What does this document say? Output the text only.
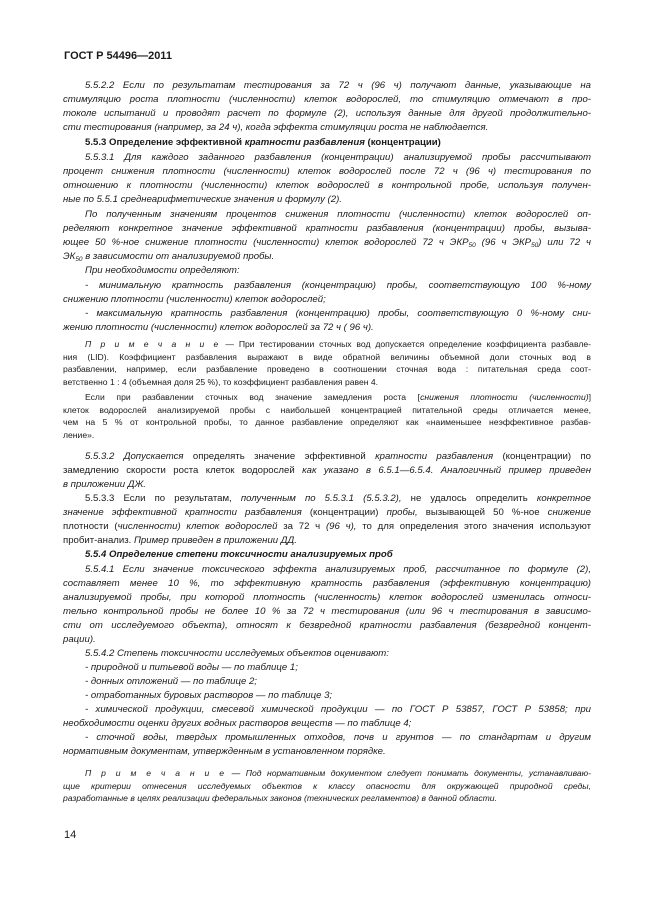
ГОСТ Р 54496—2011
5.5.2.2 Если по результатам тестирования за 72 ч (96 ч) получают данные, указывающие на
стимуляцию роста плотности (численности) клеток водорослей, то стимуляцию отмечают в про-
токоле испытаний и проводят расчет по формуле (2), используя данные для другой продолжительно-
сти тестирования (например, за 24 ч), когда эффекта стимуляции роста не наблюдается.
5.5.3 Определение эффективной кратности разбавления (концентрации)
5.5.3.1 Для каждого заданного разбавления (концентрации) анализируемой пробы рассчитывают
процент снижения плотности (численности) клеток водорослей после 72 ч (96 ч) тестирования по
отношению к плотности (численности) клеток водорослей в контрольной пробе, используя получен-
ные по 5.5.1 среднеарифметические значения и формулу (2).
По полученным значениям процентов снижения плотности (численности) клеток водорослей оп-
ределяют конкретное значение эффективной кратности разбавления (концентрации) пробы, вызыва-
ющее 50 %-ное снижение плотности (численности) клеток водорослей 72 ч $ЭКР_{50}$ (96 ч $ЭКР_{50}$) или 72 ч
$ЭК_{50}$ в зависимости от анализируемой пробы.
При необходимости определяют:
- минимальную кратность разбавления (концентрацию) пробы, соответствующую 100 %-ному
снижению плотности (численности) клеток водорослей;
- максимальную кратность разбавления (концентрацию) пробы, соответствующую 0 %-ному сни-
жению плотности (численности) клеток водорослей за 72 ч ( 96 ч).
П р и м е ч а н и е — При тестировании сточных вод допускается определение коэффициента разбавле-
ния (LID). Коэффициент разбавления выражают в виде обратной величины объемной доли сточных вод в
разбавлении, например, если разбавление проведено в соотношении сточная вода : питательная среда соот-
ветственно 1 : 4 (объемная доля 25 %), то коэффициент разбавления равен 4.
Если при разбавлении сточных вод значение замедления роста [снижения плотности (численности)]
клеток водорослей анализируемой пробы с наибольшей концентрацией питательной среды отличается менее,
чем на 5 % от контрольной пробы, то данное разбавление определяют как «наименьшее неэффективное разбав-
ление».
5.5.3.2 Допускается определять значение эффективной кратности разбавления (концентрации) по
замедлению скорости роста клеток водорослей как указано в 6.5.1—6.5.4. Аналогичный пример приведен
в приложении ДЖ.
5.5.3.3 Если по результатам, полученным по 5.5.3.1 (5.5.3.2), не удалось определить конкретное
значение эффективной кратности разбавления (концентрации) пробы, вызывающей 50 %-ное снижение
плотности (численности) клеток водорослей за 72 ч (96 ч), то для определения этого значения используют
пробит-анализ. Пример приведен в приложении ДД.
5.5.4 Определение степени токсичности анализируемых проб
5.5.4.1 Если значение токсического эффекта анализируемых проб, рассчитанное по формуле (2),
составляет менее 10 %, то эффективную кратность разбавления (эффективную концентрацию)
анализируемой пробы, при которой плотность (численность) клеток водорослей изменилась относи-
тельно контрольной пробы не более 10 % за 72 ч тестирования (или 96 ч тестирования в зависимо-
сти от исследуемого объекта), относят к безвредной кратности разбавления (безвредной концент-
рации).
5.5.4.2 Степень токсичности исследуемых объектов оценивают:
- природной и питьевой воды — по таблице 1;
- донных отложений — по таблице 2;
- отработанных буровых растворов — по таблице 3;
- химической продукции, смесевой химической продукции — по ГОСТ Р 53857, ГОСТ Р 53858; при
необходимости оценки других водных растворов веществ — по таблице 4;
- сточной воды, твердых промышленных отходов, почв и грунтов — по стандартам и другим
нормативным документам, утвержденным в установленном порядке.
П р и м е ч а н и е — Под нормативным документом следует понимать документы, устанавливаю-
щие критерии отнесения исследуемых объектов к классу опасности для окружающей природной среды,
разработанные в целях реализации федеральных законов (технических регламентов) в данной области.
14
